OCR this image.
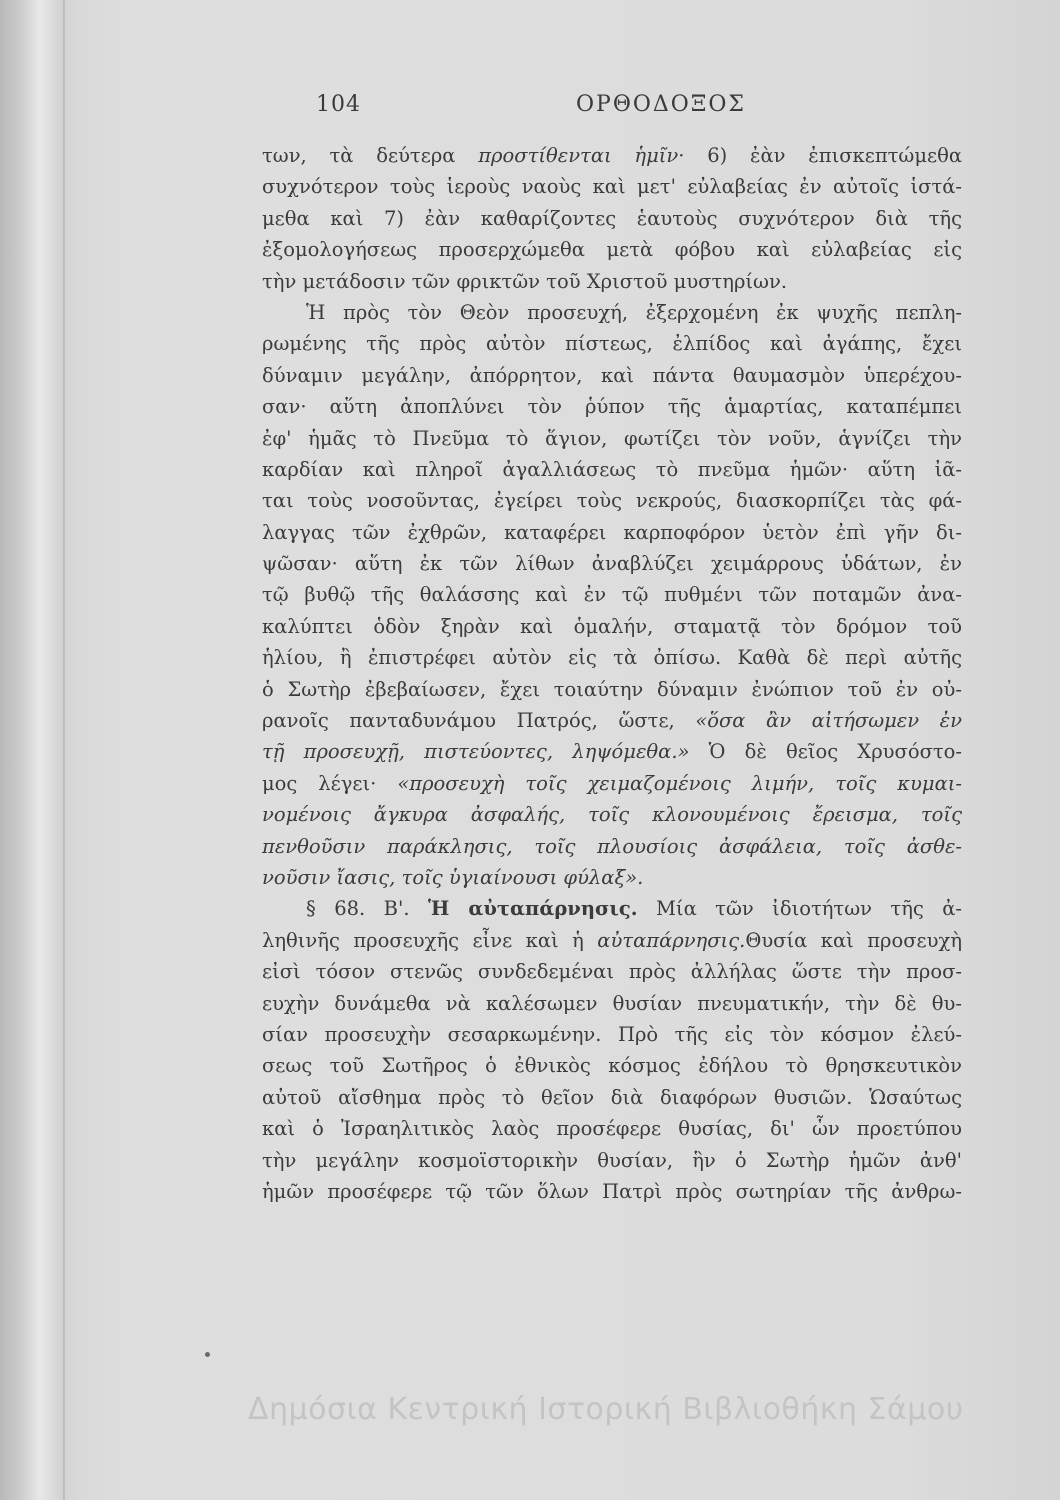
104	ΟΡΘΟΔΟΞΟΣ
των, τὰ δεύτερα προστίθενται ἡμῖν· 6) ἐὰν ἐπισκεπτώμεθα
συχνότερον τοὺς ἱεροὺς ναοὺς καὶ μετ' εὐλαβείας ἐν αὐτοῖς ἱστά-
μεθα καὶ 7) ἐὰν καθαρίζοντες ἑαυτοὺς συχνότερον διὰ τῆς
ἐξομολογήσεως προσερχώμεθα μετὰ φόβου καὶ εὐλαβείας εἰς
τὴν μετάδοσιν τῶν φρικτῶν τοῦ Χριστοῦ μυστηρίων.
Ἡ πρὸς τὸν Θεὸν προσευχή, ἐξερχομένη ἐκ ψυχῆς πεπλη-
ρωμένης τῆς πρὸς αὐτὸν πίστεως, ἐλπίδος καὶ ἀγάπης, ἔχει
δύναμιν μεγάλην, ἀπόρρητον, καὶ πάντα θαυμασμὸν ὑπερέχου-
σαν· αὕτη ἀποπλύνει τὸν ῥύπον τῆς ἁμαρτίας, καταπέμπει
ἐφ' ἡμᾶς τὸ Πνεῦμα τὸ ἅγιον, φωτίζει τὸν νοῦν, ἁγνίζει τὴν
καρδίαν καὶ πληροῖ ἀγαλλιάσεως τὸ πνεῦμα ἡμῶν· αὕτη ἰᾶ-
ται τοὺς νοσοῦντας, ἐγείρει τοὺς νεκρούς, διασκορπίζει τὰς φά-
λαγγας τῶν ἐχθρῶν, καταφέρει καρποφόρον ὑετὸν ἐπὶ γῆν δι-
ψῶσαν· αὕτη ἐκ τῶν λίθων ἀναβλύζει χειμάρρους ὑδάτων, ἐν
τῷ βυθῷ τῆς θαλάσσης καὶ ἐν τῷ πυθμένι τῶν ποταμῶν ἀνα-
καλύπτει ὁδὸν ξηρὰν καὶ ὁμαλήν, σταματᾷ τὸν δρόμον τοῦ
ἡλίου, ἢ ἐπιστρέφει αὐτὸν εἰς τὰ ὀπίσω. Καθὰ δὲ περὶ αὐτῆς
ὁ Σωτὴρ ἐβεβαίωσεν, ἔχει τοιαύτην δύναμιν ἐνώπιον τοῦ ἐν οὐ-
ρανοῖς πανταδυνάμου Πατρός, ὥστε, «ὅσα ἂν αἰτήσωμεν ἐν
τῇ προσευχῇ, πιστεύοντες, ληψόμεθα.» Ὁ δὲ θεῖος Χρυσόστο-
μος λέγει· «προσευχὴ τοῖς χειμαζομένοις λιμήν, τοῖς κυμαι-
νομένοις ἄγκυρα ἀσφαλής, τοῖς κλονουμένοις ἔρεισμα, τοῖς
πενθοῦσιν παράκλησις, τοῖς πλουσίοις ἀσφάλεια, τοῖς ἀσθε-
νοῦσιν ἴασις, τοῖς ὑγιαίνουσι φύλαξ».
§ 68. Β'. Ἡ αὐταπάρνησις. Μία τῶν ἰδιοτήτων τῆς ἀ-
ληθινῆς προσευχῆς εἶνε καὶ ἡ αὐταπάρνησις.Θυσία καὶ προσευχὴ
εἰσὶ τόσον στενῶς συνδεδεμέναι πρὸς ἀλλήλας ὥστε τὴν προσ-
ευχὴν δυνάμεθα νὰ καλέσωμεν θυσίαν πνευματικήν, τὴν δὲ θυ-
σίαν προσευχὴν σεσαρκωμένην. Πρὸ τῆς εἰς τὸν κόσμον ἐλεύ-
σεως τοῦ Σωτῆρος ὁ ἐθνικὸς κόσμος ἐδήλου τὸ θρησκευτικὸν
αὐτοῦ αἴσθημα πρὸς τὸ θεῖον διὰ διαφόρων θυσιῶν. Ὡσαύτως
καὶ ὁ Ἰσραηλιτικὸς λαὸς προσέφερε θυσίας, δι' ὧν προετύπου
τὴν μεγάλην κοσμοϊστορικὴν θυσίαν, ἣν ὁ Σωτὴρ ἡμῶν ἀνθ'
ἡμῶν προσέφερε τῷ τῶν ὅλων Πατρὶ πρὸς σωτηρίαν τῆς ἀνθρω-
Δημόσια Κεντρική Ιστορική Βιβλιοθήκη Σάμου
